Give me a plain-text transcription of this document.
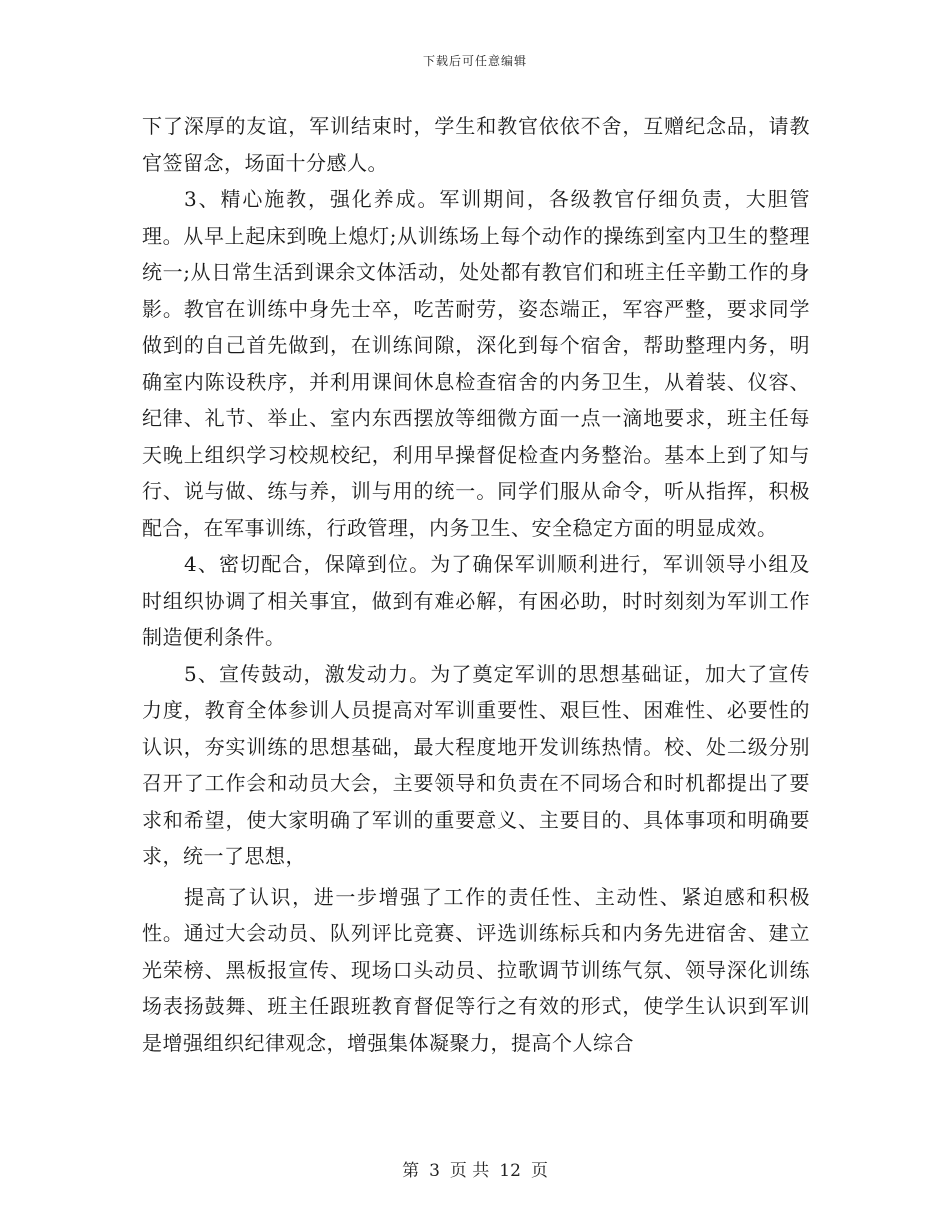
下载后可任意编辑

下了深厚的友谊，军训结束时，学生和教官依依不舍，互赠纪念品，请教官签留念，场面十分感人。

3、精心施教，强化养成。军训期间，各级教官仔细负责，大胆管理。从早上起床到晚上熄灯;从训练场上每个动作的操练到室内卫生的整理统一;从日常生活到课余文体活动，处处都有教官们和班主任辛勤工作的身影。教官在训练中身先士卒，吃苦耐劳，姿态端正，军容严整，要求同学做到的自己首先做到，在训练间隙，深化到每个宿舍，帮助整理内务，明确室内陈设秩序，并利用课间休息检查宿舍的内务卫生，从着装、仪容、纪律、礼节、举止、室内东西摆放等细微方面一点一滴地要求，班主任每天晚上组织学习校规校纪，利用早操督促检查内务整治。基本上到了知与行、说与做、练与养，训与用的统一。同学们服从命令，听从指挥，积极配合，在军事训练，行政管理，内务卫生、安全稳定方面的明显成效。

4、密切配合，保障到位。为了确保军训顺利进行，军训领导小组及时组织协调了相关事宜，做到有难必解，有困必助，时时刻刻为军训工作制造便利条件。

5、宣传鼓动，激发动力。为了奠定军训的思想基础证，加大了宣传力度，教育全体参训人员提高对军训重要性、艰巨性、困难性、必要性的认识，夯实训练的思想基础，最大程度地开发训练热情。校、处二级分别召开了工作会和动员大会，主要领导和负责在不同场合和时机都提出了要求和希望，使大家明确了军训的重要意义、主要目的、具体事项和明确要求，统一了思想，

提高了认识，进一步增强了工作的责任性、主动性、紧迫感和积极性。通过大会动员、队列评比竞赛、评选训练标兵和内务先进宿舍、建立光荣榜、黑板报宣传、现场口头动员、拉歌调节训练气氛、领导深化训练场表扬鼓舞、班主任跟班教育督促等行之有效的形式，使学生认识到军训是增强组织纪律观念，增强集体凝聚力，提高个人综合

第 3 页 共 12 页
